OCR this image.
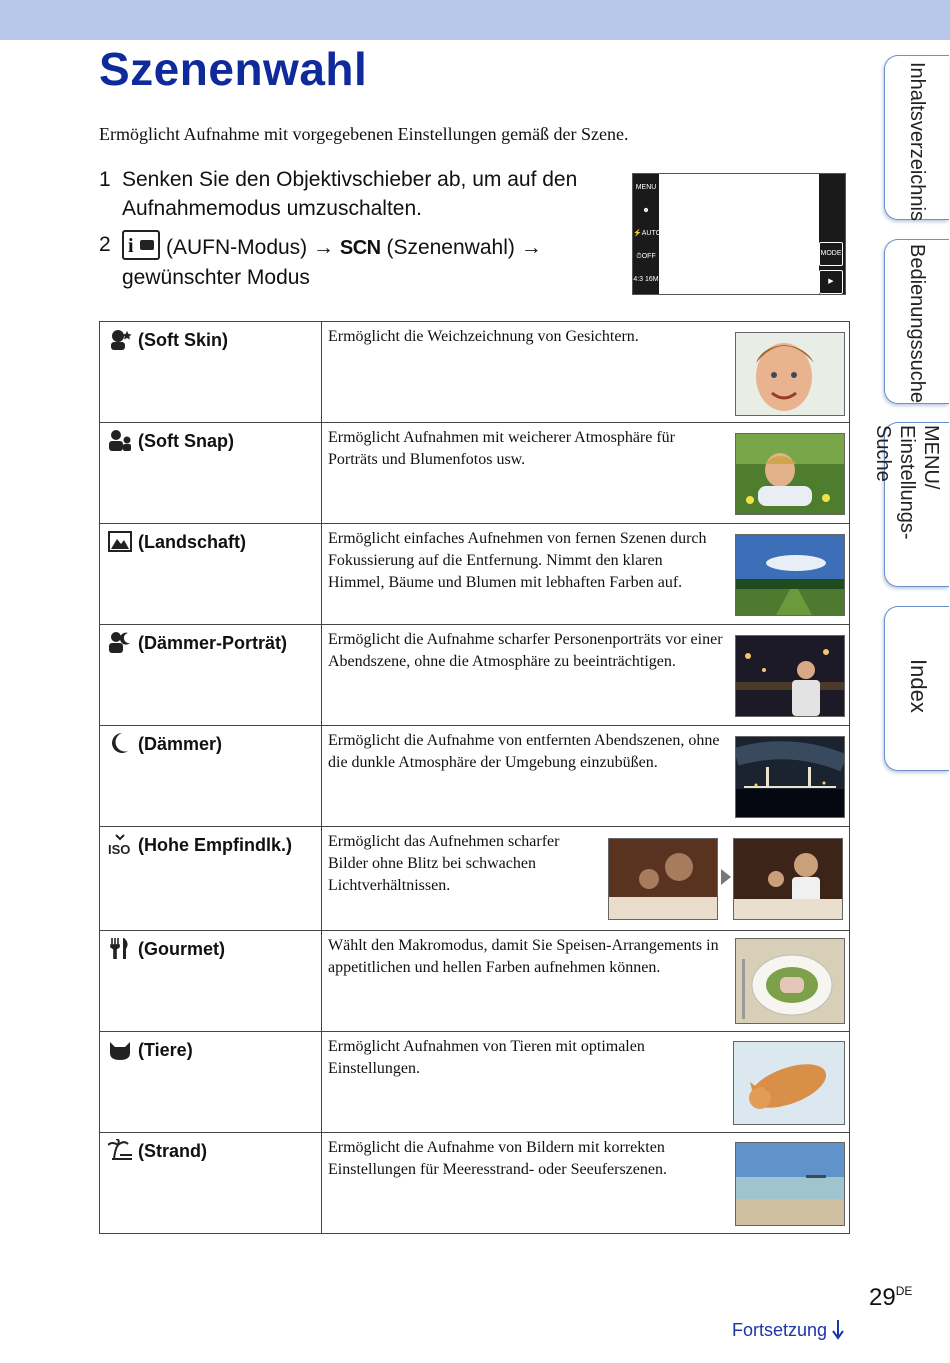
Szenenwahl
Ermöglicht Aufnahme mit vorgegebenen Einstellungen gemäß der Szene.
1 Senken Sie den Objektivschieber ab, um auf den Aufnahmemodus umzuschalten.
2 i (AUFN-Modus) → SCN (Szenenwahl) →
gewünschter Modus
MENU
☻
⚡AUTO
⏱OFF
4:3 16M
MODE
▶
(Soft Skin)	Ermöglicht die Weichzeichnung von Gesichtern.

(Soft Snap)	Ermöglicht Aufnahmen mit weicherer Atmosphäre für Porträts und Blumenfotos usw.

(Landschaft)	Ermöglicht einfaches Aufnehmen von fernen Szenen durch Fokussierung auf die Entfernung. Nimmt den klaren Himmel, Bäume und Blumen mit lebhaften Farben auf.

(Dämmer-Porträt)	Ermöglicht die Aufnahme scharfer Personenporträts vor einer Abendszene, ohne die Atmosphäre zu beeinträchtigen.

(Dämmer)	Ermöglicht die Aufnahme von entfernten Abendszenen, ohne die dunkle Atmosphäre der Umgebung einzubüßen.

ISO (Hohe Empfindlk.)	Ermöglicht das Aufnehmen scharfer Bilder ohne Blitz bei schwachen Lichtverhältnissen.

(Gourmet)	Wählt den Makromodus, damit Sie Speisen-Arrangements in appetitlichen und hellen Farben aufnehmen können.

(Tiere)	Ermöglicht Aufnahmen von Tieren mit optimalen Einstellungen.

(Strand)	Ermöglicht die Aufnahme von Bildern mit korrekten Einstellungen für Meeresstrand- oder Seeuferszenen.
Inhaltsverzeichnis
Bedienungssuche
MENU/ Einstellungs-Suche
Index
29DE
Fortsetzung
